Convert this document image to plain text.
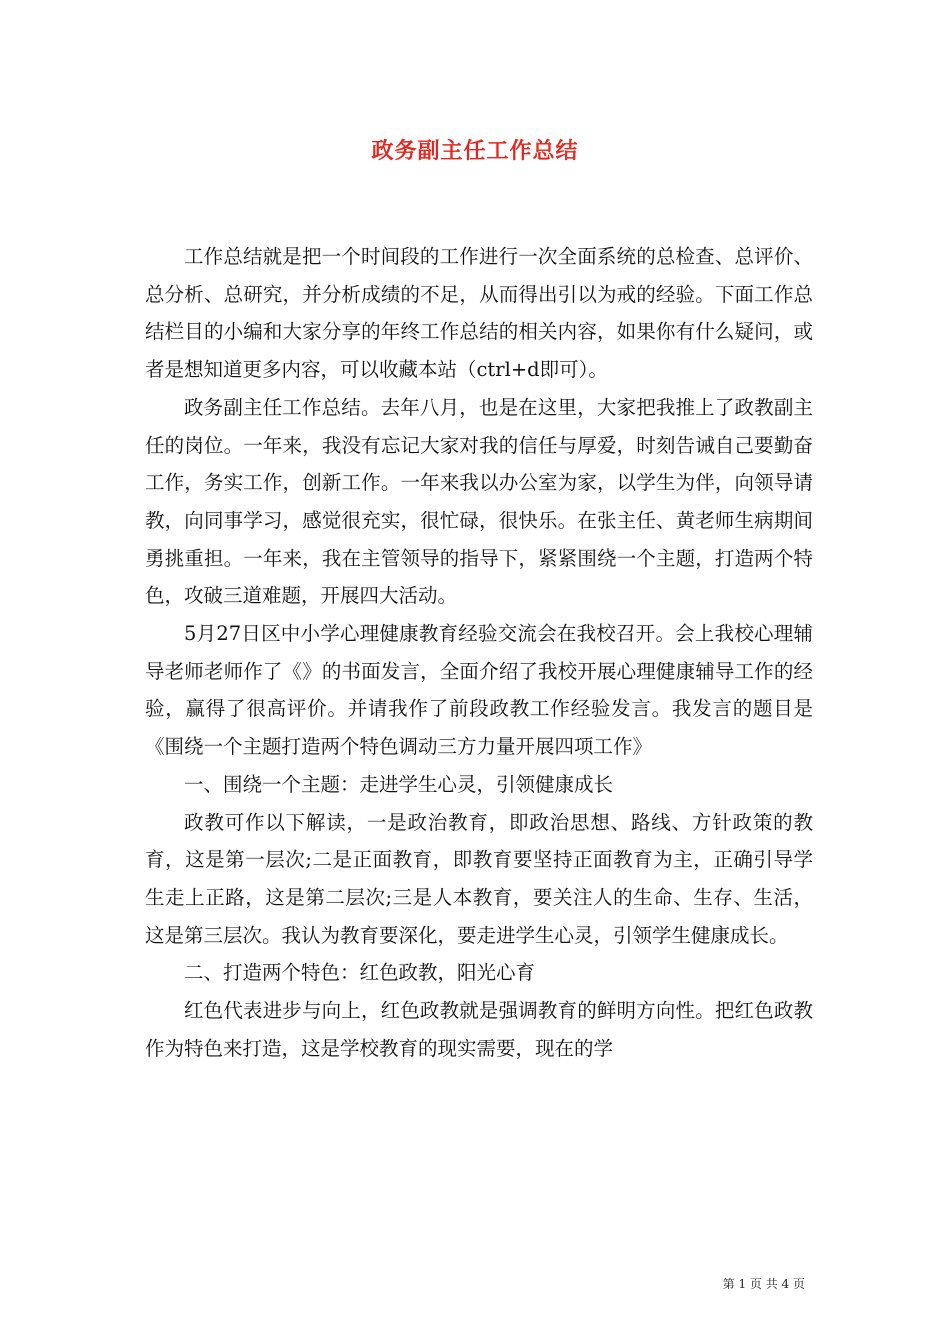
政务副主任工作总结

工作总结就是把一个时间段的工作进行一次全面系统的总检查、总评价、总分析、总研究，并分析成绩的不足，从而得出引以为戒的经验。下面工作总结栏目的小编和大家分享的年终工作总结的相关内容，如果你有什么疑问，或者是想知道更多内容，可以收藏本站（ctrl+d即可）。

政务副主任工作总结。去年八月，也是在这里，大家把我推上了政教副主任的岗位。一年来，我没有忘记大家对我的信任与厚爱，时刻告诫自己要勤奋工作，务实工作，创新工作。一年来我以办公室为家，以学生为伴，向领导请教，向同事学习，感觉很充实，很忙碌，很快乐。在张主任、黄老师生病期间勇挑重担。一年来，我在主管领导的指导下，紧紧围绕一个主题，打造两个特色，攻破三道难题，开展四大活动。

5月27日区中小学心理健康教育经验交流会在我校召开。会上我校心理辅导老师老师作了《》的书面发言，全面介绍了我校开展心理健康辅导工作的经验，赢得了很高评价。并请我作了前段政教工作经验发言。我发言的题目是《围绕一个主题打造两个特色调动三方力量开展四项工作》

一、围绕一个主题：走进学生心灵，引领健康成长

政教可作以下解读，一是政治教育，即政治思想、路线、方针政策的教育，这是第一层次;二是正面教育，即教育要坚持正面教育为主，正确引导学生走上正路，这是第二层次;三是人本教育，要关注人的生命、生存、生活，这是第三层次。我认为教育要深化，要走进学生心灵，引领学生健康成长。

二、打造两个特色：红色政教，阳光心育

红色代表进步与向上，红色政教就是强调教育的鲜明方向性。把红色政教作为特色来打造，这是学校教育的现实需要，现在的学

第 1 页 共 4 页
